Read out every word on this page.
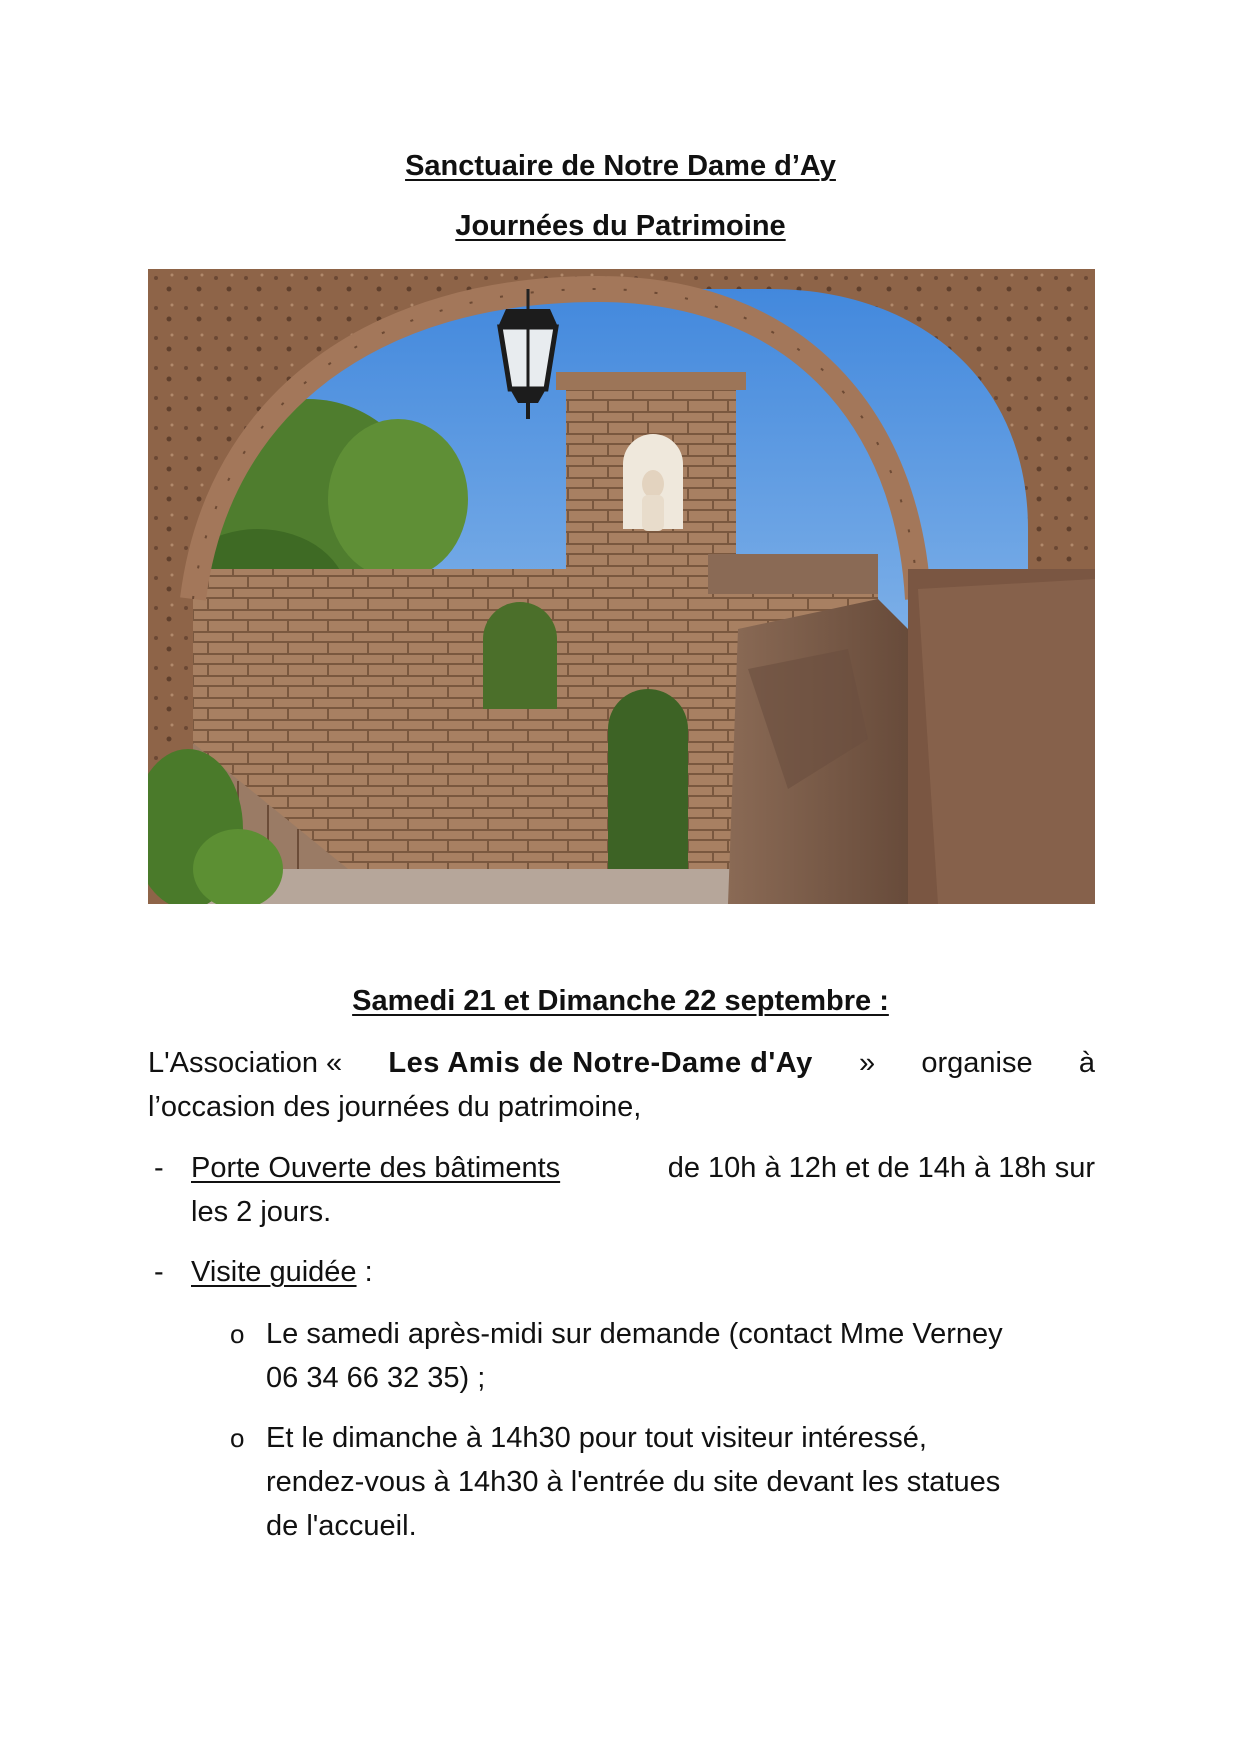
Sanctuaire de Notre Dame d’Ay
Journées du Patrimoine
Samedi 21 et Dimanche 22 septembre :
L'Association « Les Amis de Notre-Dame d'Ay » organise à
l’occasion des journées du patrimoine,
- Porte Ouverte des bâtiments	de 10h à 12h et de 14h à 18h sur
les 2 jours.
- Visite guidée :
o Le samedi après-midi sur demande (contact Mme Verney
06 34 66 32 35) ;
o Et le dimanche à 14h30 pour tout visiteur intéressé,
rendez-vous à 14h30 à l'entrée du site devant les statues
de l'accueil.
